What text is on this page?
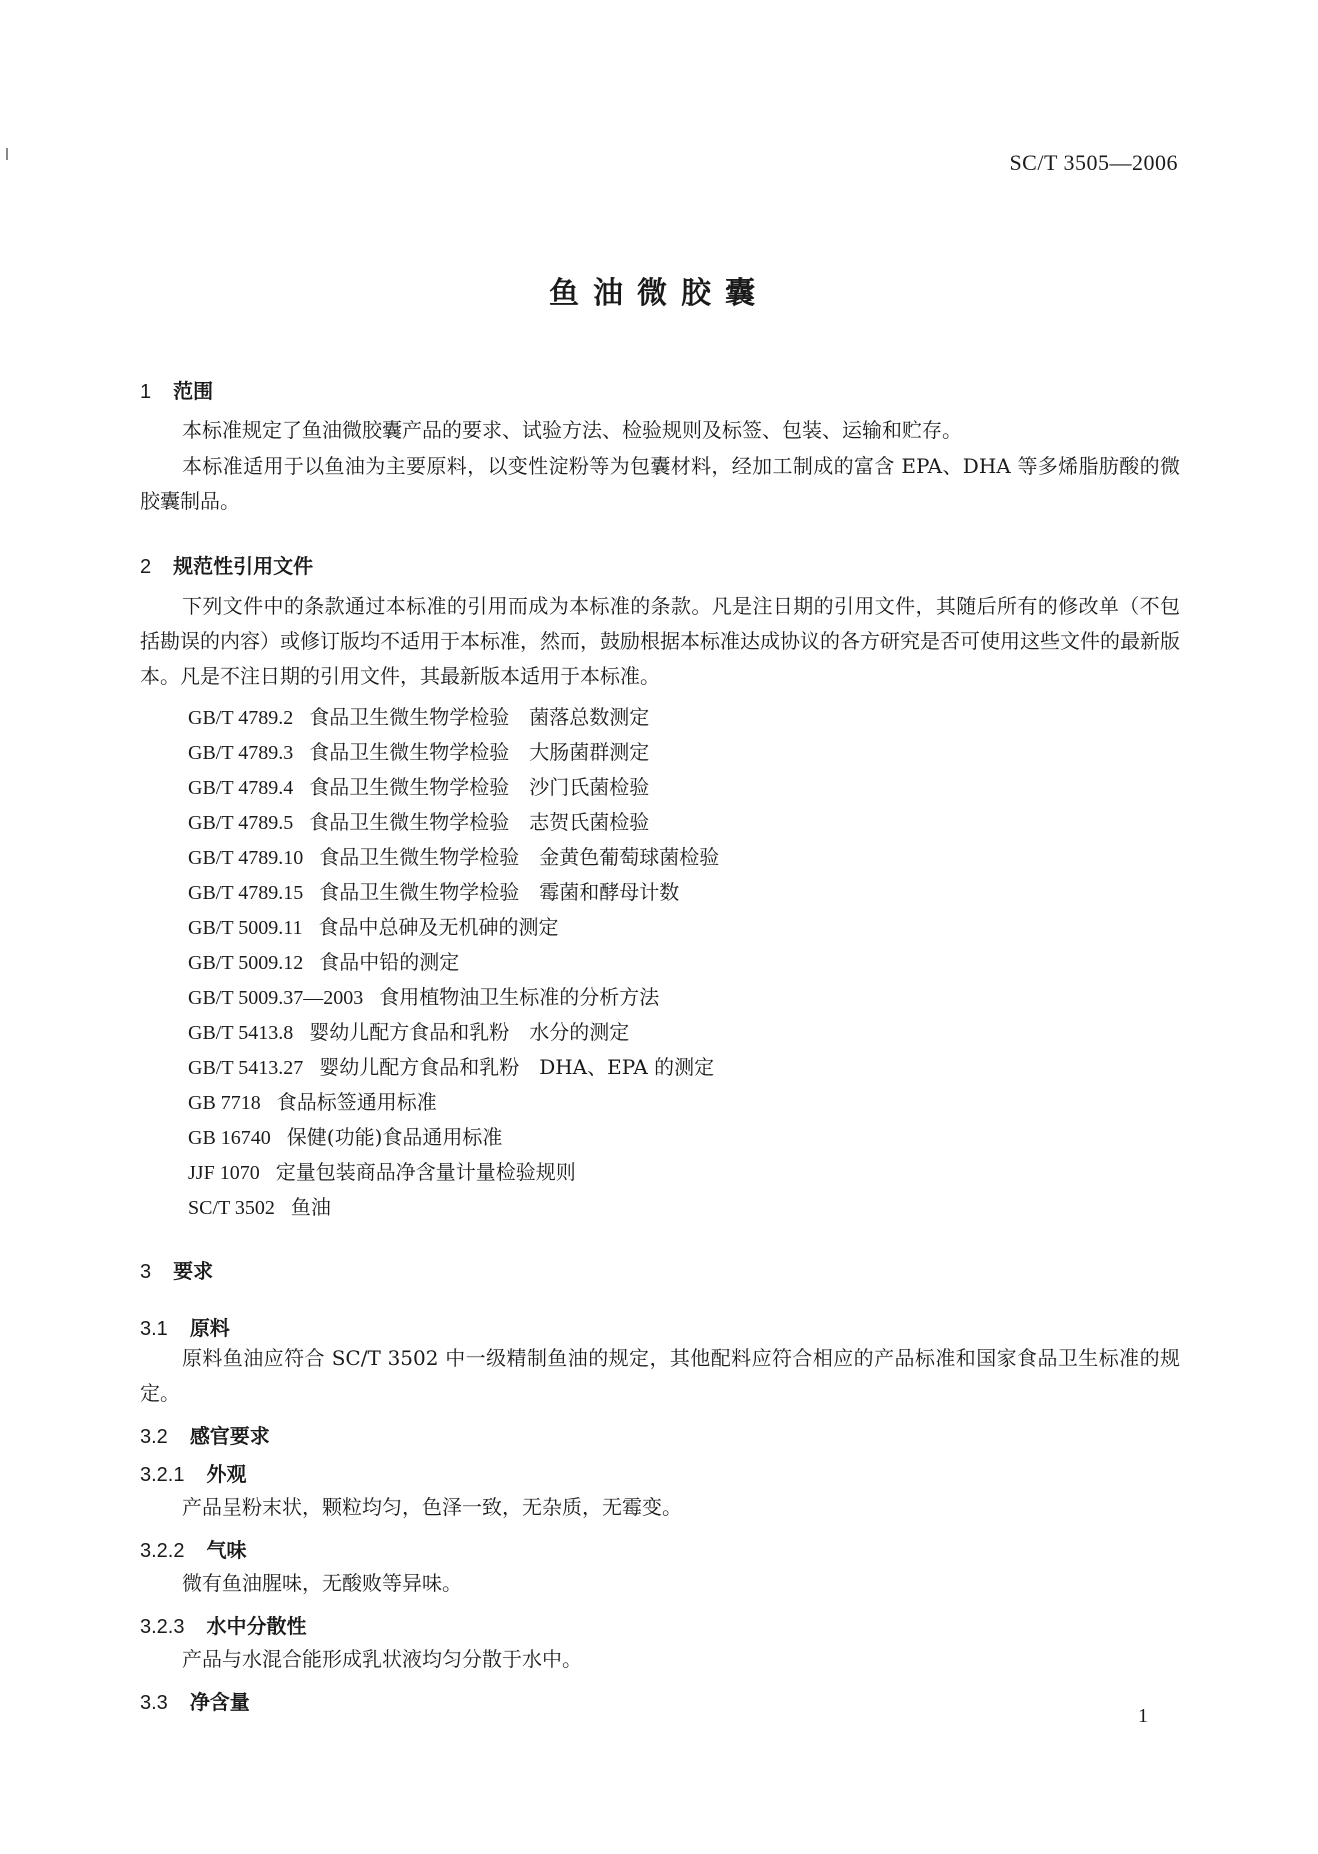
SC/T 3505—2006
鱼油微胶囊
1 范围
本标准规定了鱼油微胶囊产品的要求、试验方法、检验规则及标签、包装、运输和贮存。
本标准适用于以鱼油为主要原料，以变性淀粉等为包囊材料，经加工制成的富含 EPA、DHA 等多烯脂肪酸的微胶囊制品。
2 规范性引用文件
下列文件中的条款通过本标准的引用而成为本标准的条款。凡是注日期的引用文件，其随后所有的修改单（不包括勘误的内容）或修订版均不适用于本标准，然而，鼓励根据本标准达成协议的各方研究是否可使用这些文件的最新版本。凡是不注日期的引用文件，其最新版本适用于本标准。
GB/T 4789.2 食品卫生微生物学检验　菌落总数测定
GB/T 4789.3 食品卫生微生物学检验　大肠菌群测定
GB/T 4789.4 食品卫生微生物学检验　沙门氏菌检验
GB/T 4789.5 食品卫生微生物学检验　志贺氏菌检验
GB/T 4789.10 食品卫生微生物学检验　金黄色葡萄球菌检验
GB/T 4789.15 食品卫生微生物学检验　霉菌和酵母计数
GB/T 5009.11 食品中总砷及无机砷的测定
GB/T 5009.12 食品中铅的测定
GB/T 5009.37—2003 食用植物油卫生标准的分析方法
GB/T 5413.8 婴幼儿配方食品和乳粉　水分的测定
GB/T 5413.27 婴幼儿配方食品和乳粉　DHA、EPA 的测定
GB 7718 食品标签通用标准
GB 16740 保健(功能)食品通用标准
JJF 1070 定量包装商品净含量计量检验规则
SC/T 3502 鱼油
3 要求
3.1 原料
原料鱼油应符合 SC/T 3502 中一级精制鱼油的规定，其他配料应符合相应的产品标准和国家食品卫生标准的规定。
3.2 感官要求
3.2.1 外观
产品呈粉末状，颗粒均匀，色泽一致，无杂质，无霉变。
3.2.2 气味
微有鱼油腥味，无酸败等异味。
3.2.3 水中分散性
产品与水混合能形成乳状液均匀分散于水中。
3.3 净含量
1
